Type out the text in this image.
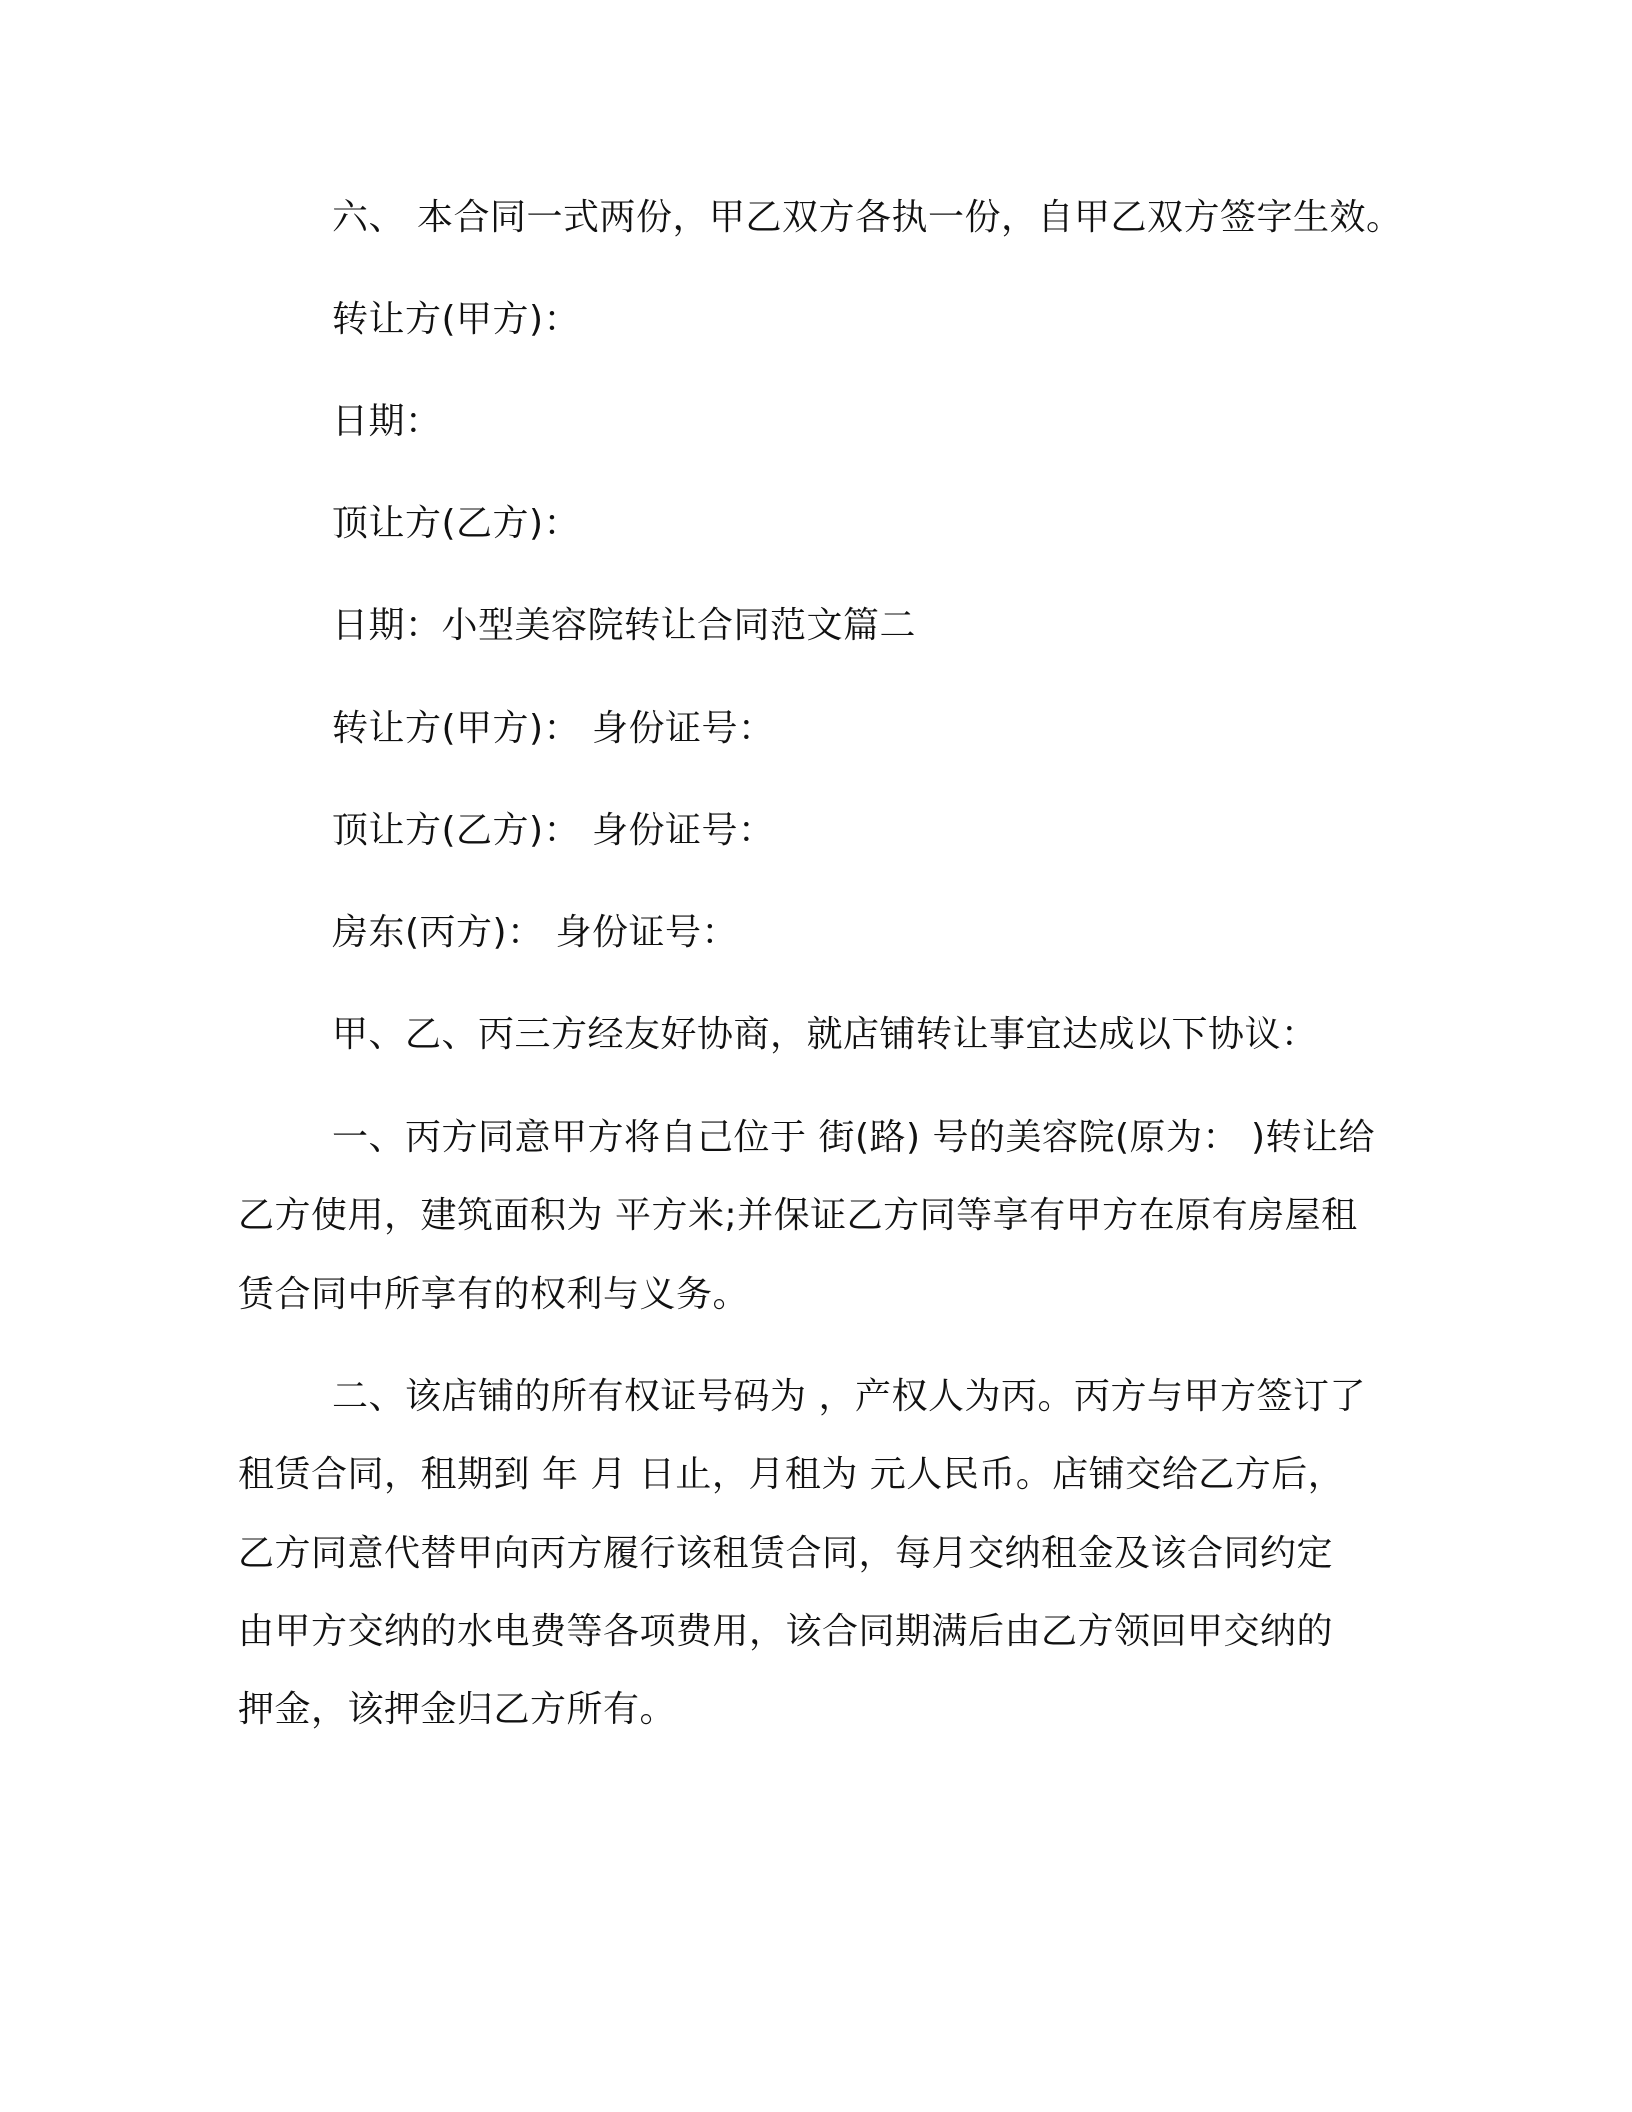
六、 本合同一式两份，甲乙双方各执一份，自甲乙双方签字生效。
转让方(甲方)：
日期：
顶让方(乙方)：
日期：小型美容院转让合同范文篇二
转让方(甲方)： 身份证号：
顶让方(乙方)： 身份证号：
房东(丙方)： 身份证号：
甲、乙、丙三方经友好协商，就店铺转让事宜达成以下协议：
一、丙方同意甲方将自己位于 街(路) 号的美容院(原为： )转让给
乙方使用，建筑面积为 平方米;并保证乙方同等享有甲方在原有房屋租
赁合同中所享有的权利与义务。
二、该店铺的所有权证号码为 ，产权人为丙。丙方与甲方签订了
租赁合同，租期到 年 月 日止，月租为 元人民币。店铺交给乙方后，
乙方同意代替甲向丙方履行该租赁合同，每月交纳租金及该合同约定
由甲方交纳的水电费等各项费用，该合同期满后由乙方领回甲交纳的
押金，该押金归乙方所有。
